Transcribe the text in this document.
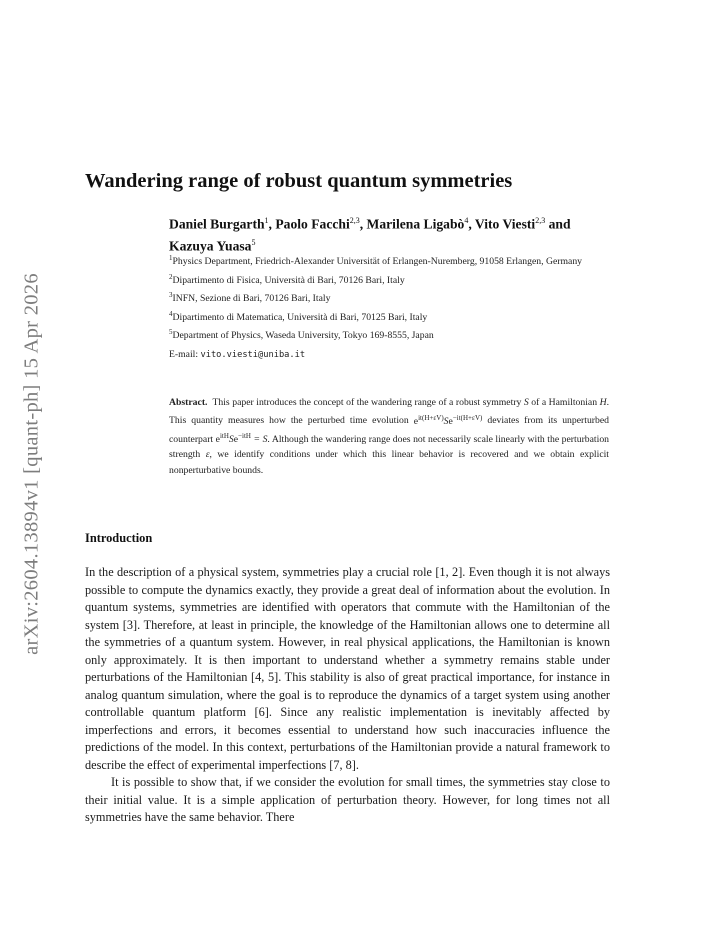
arXiv:2604.13894v1 [quant-ph] 15 Apr 2026
Wandering range of robust quantum symmetries
Daniel Burgarth$^1$, Paolo Facchi$^{2,3}$, Marilena Ligabò$^4$, Vito Viesti$^{2,3}$ and Kazuya Yuasa$^5$
$^1$Physics Department, Friedrich-Alexander Universität of Erlangen-Nuremberg, 91058 Erlangen, Germany
$^2$Dipartimento di Fisica, Università di Bari, 70126 Bari, Italy
$^3$INFN, Sezione di Bari, 70126 Bari, Italy
$^4$Dipartimento di Matematica, Università di Bari, 70125 Bari, Italy
$^5$Department of Physics, Waseda University, Tokyo 169-8555, Japan
E-mail: vito.viesti@uniba.it
Abstract. This paper introduces the concept of the wandering range of a robust symmetry S of a Hamiltonian H. This quantity measures how the perturbed time evolution $e^{it(H+\varepsilon V)}Se^{-it(H+\varepsilon V)}$ deviates from its unperturbed counterpart $e^{itH}Se^{-itH} = S$. Although the wandering range does not necessarily scale linearly with the perturbation strength ε, we identify conditions under which this linear behavior is recovered and we obtain explicit nonperturbative bounds.
Introduction

In the description of a physical system, symmetries play a crucial role [1, 2]. Even though it is not always possible to compute the dynamics exactly, they provide a great deal of information about the evolution. In quantum systems, symmetries are identified with operators that commute with the Hamiltonian of the system [3]. Therefore, at least in principle, the knowledge of the Hamiltonian allows one to determine all the symmetries of a quantum system. However, in real physical applications, the Hamiltonian is known only approximately. It is then important to understand whether a symmetry remains stable under perturbations of the Hamiltonian [4, 5]. This stability is also of great practical importance, for instance in analog quantum simulation, where the goal is to reproduce the dynamics of a target system using another controllable quantum platform [6]. Since any realistic implementation is inevitably affected by imperfections and errors, it becomes essential to understand how such inaccuracies influence the predictions of the model. In this context, perturbations of the Hamiltonian provide a natural framework to describe the effect of experimental imperfections [7, 8].

It is possible to show that, if we consider the evolution for small times, the symmetries stay close to their initial value. It is a simple application of perturbation theory. However, for long times not all symmetries have the same behavior. There
